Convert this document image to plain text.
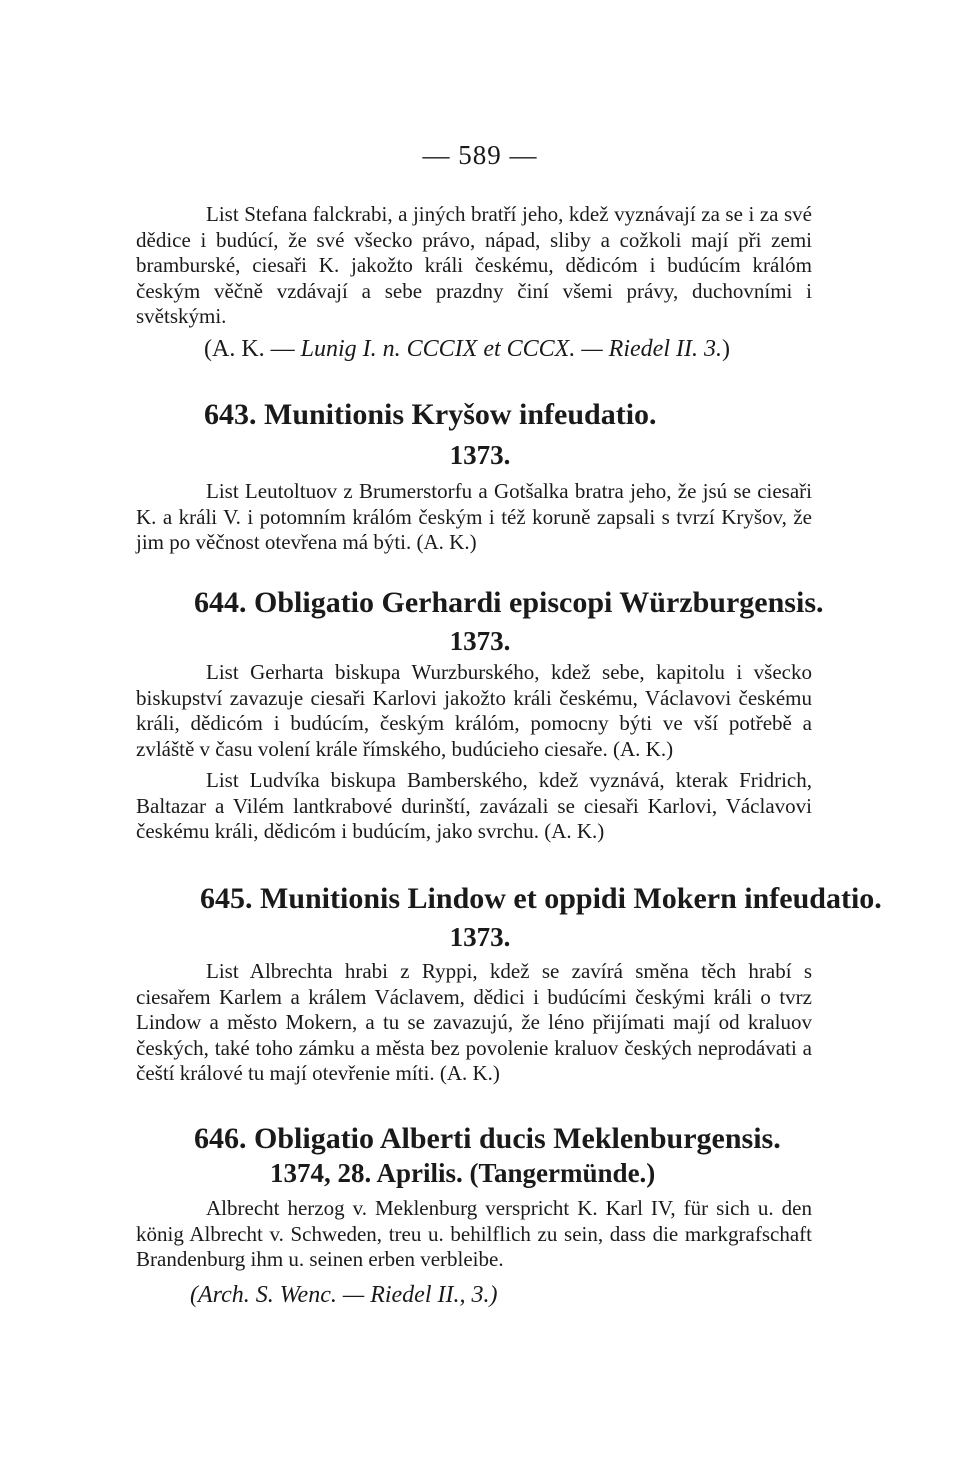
— 589 —

List Stefana falckrabi, a jiných bratří jeho, kdež vyznávají za se i za své dědice i budúcí, že své všecko právo, nápad, sliby a cožkoli mají při zemi bramburské, ciesaři K. jakožto králi českému, dědicóm i budúcím králóm českým věčně vzdávají a sebe prazdny činí všemi právy, duchovními i světskými.

(A. K. — Lunig I. n. CCCIX et CCCX. — Riedel II. 3.)
643. Munitionis Kryšow infeudatio.
1373.

List Leutoltuov z Brumerstorfu a Gotšalka bratra jeho, že jsú se ciesaři K. a králi V. i potomním králóm českým i též koruně zapsali s tvrzí Kryšov, že jim po věčnost otevřena má býti. (A. K.)

644. Obligatio Gerhardi episcopi Würzburgensis.
1373.

List Gerharta biskupa Wurzburského, kdež sebe, kapitolu i všecko biskupství zavazuje ciesaři Karlovi jakožto králi českému, Václavovi českému králi, dědicóm i budúcím, českým králóm, pomocny býti ve vší potřebě a zvláště v času volení krále římského, budúcieho ciesaře. (A. K.)

List Ludvíka biskupa Bamberského, kdež vyznává, kterak Fridrich, Baltazar a Vilém lantkrabové durinští, zavázali se ciesaři Karlovi, Václavovi českému králi, dědicóm i budúcím, jako svrchu. (A. K.)

645. Munitionis Lindow et oppidi Mokern infeudatio.
1373.

List Albrechta hrabi z Ryppi, kdež se zavírá směna těch hrabí s ciesařem Karlem a králem Václavem, dědici i budúcími českými králi o tvrz Lindow a město Mokern, a tu se zavazujú, že léno přijímati mají od kraluov českých, také toho zámku a města bez povolenie kraluov českých neprodávati a čeští králové tu mají otevřenie míti. (A. K.)

646. Obligatio Alberti ducis Meklenburgensis.
1374, 28. Aprilis. (Tangermünde.)

Albrecht herzog v. Meklenburg verspricht K. Karl IV, für sich u. den könig Albrecht v. Schweden, treu u. behilflich zu sein, dass die markgrafschaft Brandenburg ihm u. seinen erben verbleibe.

(Arch. S. Wenc. — Riedel II., 3.)
